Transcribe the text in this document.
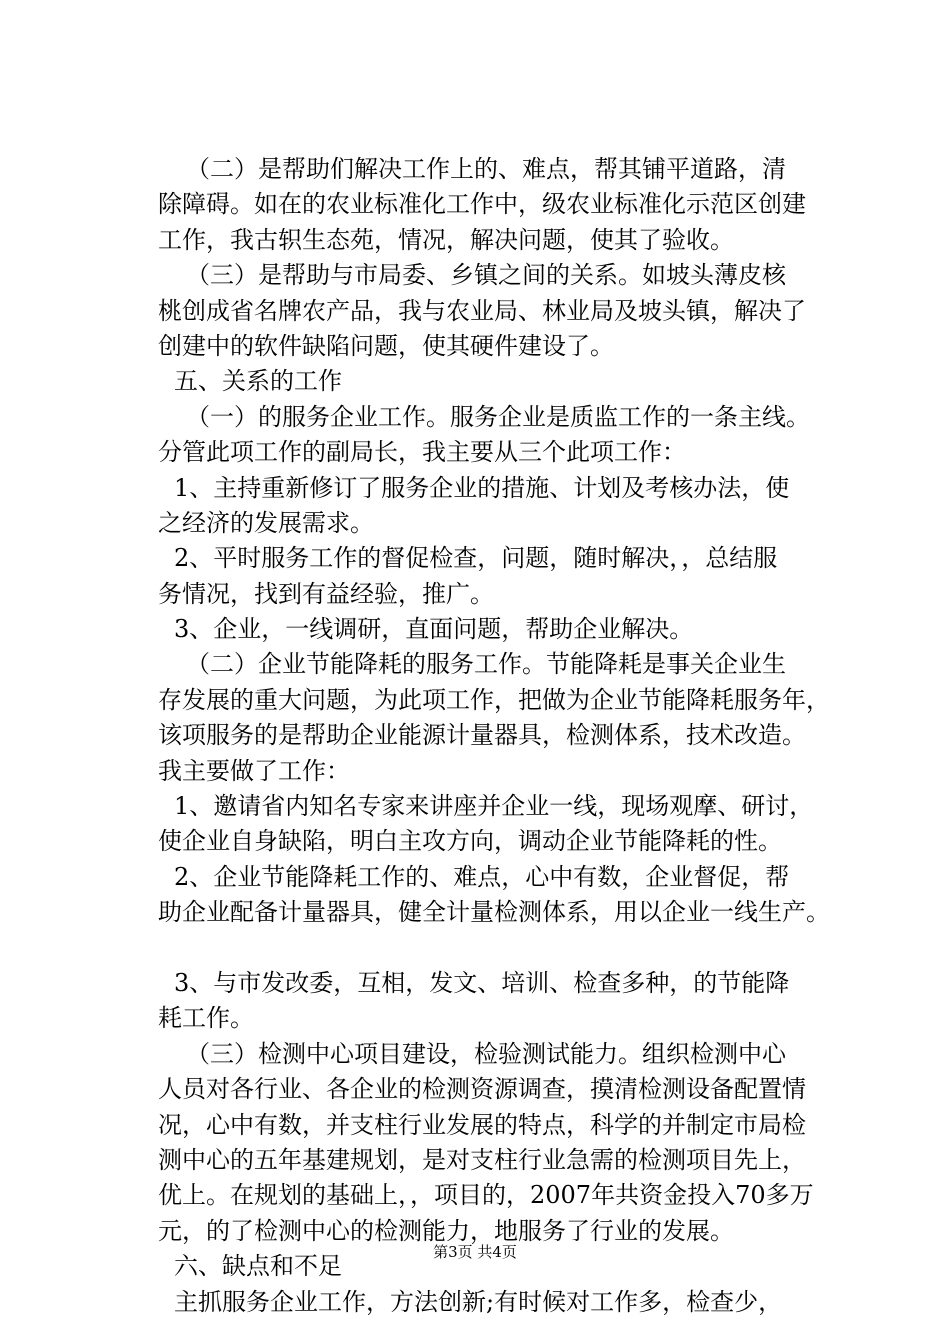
（二）是帮助们解决工作上的、难点，帮其铺平道路，清
除障碍。如在的农业标准化工作中，级农业标准化示范区创建
工作，我古轵生态苑，情况，解决问题，使其了验收。
（三）是帮助与市局委、乡镇之间的关系。如坡头薄皮核
桃创成省名牌农产品，我与农业局、林业局及坡头镇，解决了
创建中的软件缺陷问题，使其硬件建设了。
五、关系的工作
（一）的服务企业工作。服务企业是质监工作的一条主线。
分管此项工作的副局长，我主要从三个此项工作：
1、主持重新修订了服务企业的措施、计划及考核办法，使
之经济的发展需求。
2、平时服务工作的督促检查，问题，随时解决，，总结服
务情况，找到有益经验，推广。
3、企业，一线调研，直面问题，帮助企业解决。
（二）企业节能降耗的服务工作。节能降耗是事关企业生
存发展的重大问题，为此项工作，把做为企业节能降耗服务年，
该项服务的是帮助企业能源计量器具，检测体系，技术改造。
我主要做了工作：
1、邀请省内知名专家来讲座并企业一线，现场观摩、研讨，
使企业自身缺陷，明白主攻方向，调动企业节能降耗的性。
2、企业节能降耗工作的、难点，心中有数，企业督促，帮
助企业配备计量器具，健全计量检测体系，用以企业一线生产。
3、与市发改委，互相，发文、培训、检查多种，的节能降
耗工作。
（三）检测中心项目建设，检验测试能力。组织检测中心
人员对各行业、各企业的检测资源调查，摸清检测设备配置情
况，心中有数，并支柱行业发展的特点，科学的并制定市局检
测中心的五年基建规划，是对支柱行业急需的检测项目先上，
优上。在规划的基础上，，项目的，2007年共资金投入70多万
元，的了检测中心的检测能力，地服务了行业的发展。
六、缺点和不足
主抓服务企业工作，方法创新;有时候对工作多，检查少，
第3页 共4页
